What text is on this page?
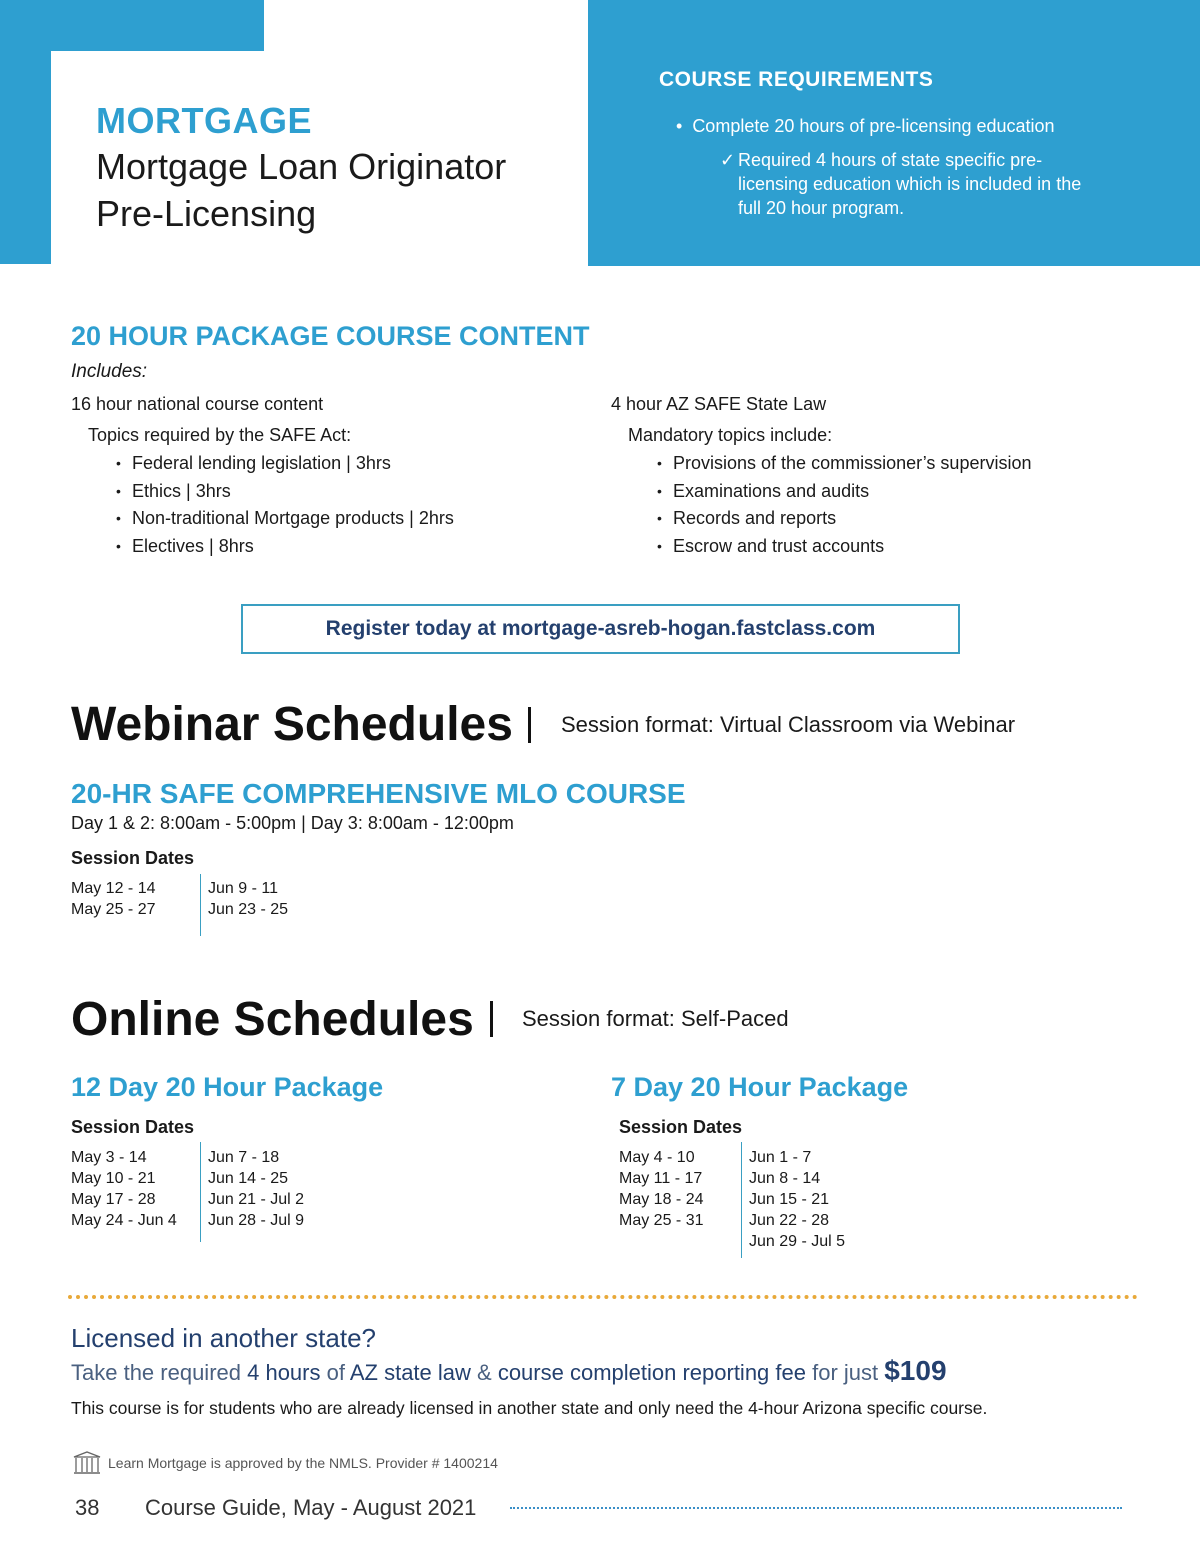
MORTGAGE
Mortgage Loan Originator
Pre-Licensing
COURSE REQUIREMENTS
• Complete 20 hours of pre-licensing education
✓ Required 4 hours of state specific pre-licensing education which is included in the full 20 hour program.
20 HOUR PACKAGE COURSE CONTENT
Includes:
16 hour national course content
Topics required by the SAFE Act:
• Federal lending legislation | 3hrs
• Ethics | 3hrs
• Non-traditional Mortgage products | 2hrs
• Electives | 8hrs
4 hour AZ SAFE State Law
Mandatory topics include:
• Provisions of the commissioner’s supervision
• Examinations and audits
• Records and reports
• Escrow and trust accounts
Register today at mortgage-asreb-hogan.fastclass.com
Webinar Schedules Session format: Virtual Classroom via Webinar
20-HR SAFE COMPREHENSIVE MLO COURSE
Day 1 & 2: 8:00am - 5:00pm | Day 3: 8:00am - 12:00pm
Session Dates
May 12 - 14
May 25 - 27
Jun 9 - 11
Jun 23 - 25
Online Schedules Session format: Self-Paced
12 Day 20 Hour Package
Session Dates
May 3 - 14
May 10 - 21
May 17 - 28
May 24 - Jun 4
Jun 7 - 18
Jun 14 - 25
Jun 21 - Jul 2
Jun 28 - Jul 9
7 Day 20 Hour Package
Session Dates
May 4 - 10
May 11 - 17
May 18 - 24
May 25 - 31
Jun 1 - 7
Jun 8 - 14
Jun 15 - 21
Jun 22 - 28
Jun 29 - Jul 5
Licensed in another state?
Take the required 4 hours of AZ state law & course completion reporting fee for just $109
This course is for students who are already licensed in another state and only need the 4-hour Arizona specific course.
Learn Mortgage is approved by the NMLS. Provider # 1400214
38 Course Guide, May - August 2021
